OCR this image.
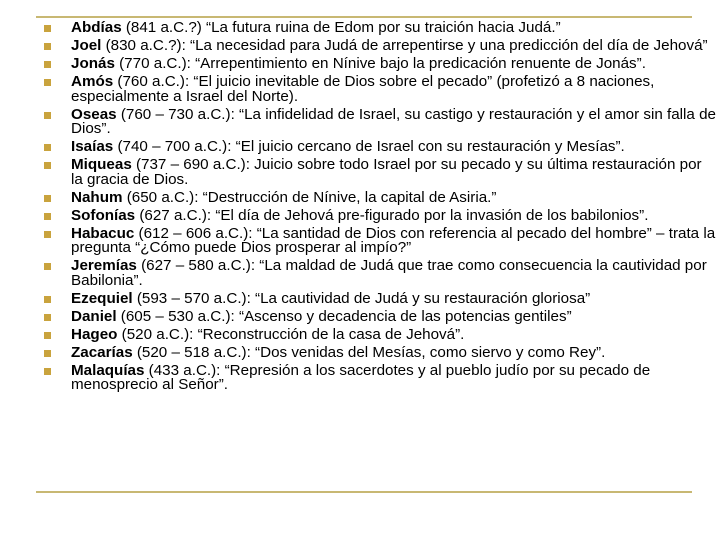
Abdías (841 a.C.?) “La futura ruina de Edom por su traición hacia Judá.”
Joel (830 a.C.?): “La necesidad para Judá de arrepentirse y una predicción del día de Jehová”
Jonás (770 a.C.): “Arrepentimiento en Nínive bajo la predicación renuente de Jonás”.
Amós (760 a.C.): “El juicio inevitable de Dios sobre el pecado” (profetizó a 8 naciones, especialmente a Israel del Norte).
Oseas (760 – 730 a.C.): “La infidelidad de Israel, su castigo y restauración y el amor sin falla de Dios”.
Isaías (740 – 700 a.C.): “El juicio cercano de Israel con su restauración y Mesías”.
Miqueas (737 – 690 a.C.): Juicio sobre todo Israel por su pecado y su última restauración por la gracia de Dios.
Nahum (650 a.C.): “Destrucción de Nínive, la capital de Asiria.”
Sofonías (627 a.C.): “El día de Jehová pre-figurado por la invasión de los babilonios”.
Habacuc (612 – 606 a.C.): “La santidad de Dios con referencia al pecado del hombre” – trata la pregunta “¿Cómo puede Dios prosperar al impío?”
Jeremías (627 – 580 a.C.): “La maldad de Judá que trae como consecuencia la cautividad por Babilonia”.
Ezequiel (593 – 570 a.C.): “La cautividad de Judá y su restauración gloriosa”
Daniel (605 – 530 a.C.): “Ascenso y decadencia de las potencias gentiles”
Hageo (520 a.C.): “Reconstrucción de la casa de Jehová”.
Zacarías (520 – 518 a.C.): “Dos venidas del Mesías, como siervo y como Rey”.
Malaquías (433 a.C.): “Represión a los sacerdotes y al pueblo judío por su pecado de menosprecio al Señor”.
